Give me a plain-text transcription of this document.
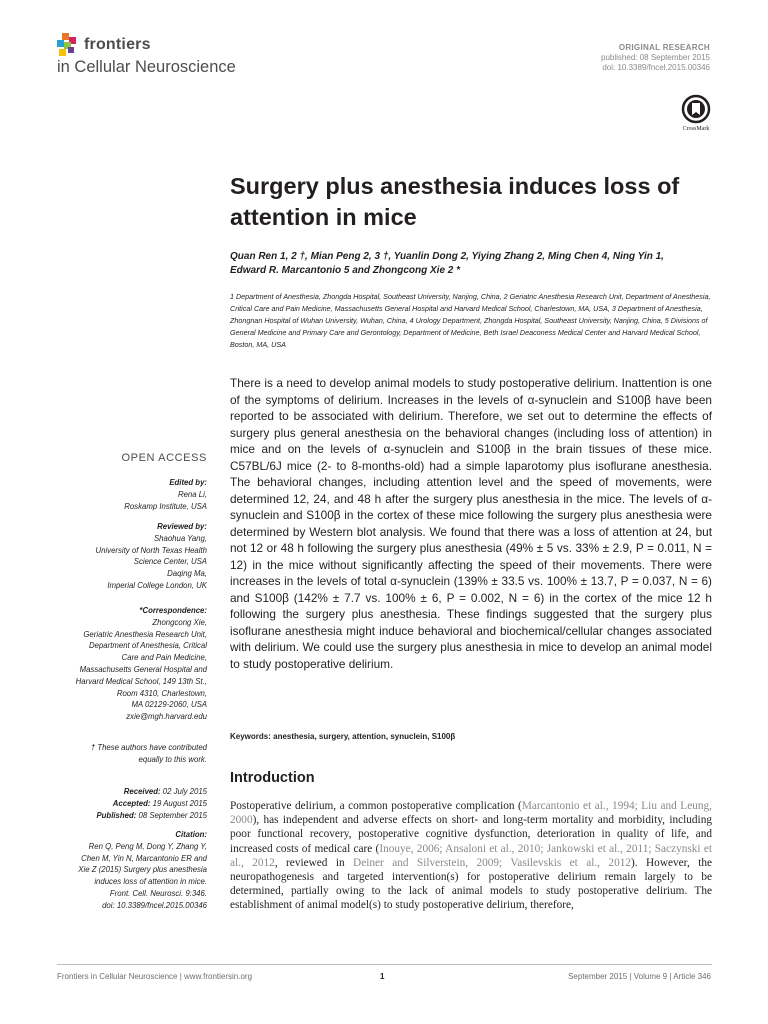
frontiers
in Cellular Neuroscience
ORIGINAL RESEARCH
published: 08 September 2015
doi: 10.3389/fncel.2015.00346
CrossMark
Surgery plus anesthesia induces loss of attention in mice
Quan Ren 1, 2 †, Mian Peng 2, 3 †, Yuanlin Dong 2, Yiying Zhang 2, Ming Chen 4, Ning Yin 1,
Edward R. Marcantonio 5 and Zhongcong Xie 2 *
1 Department of Anesthesia, Zhongda Hospital, Southeast University, Nanjing, China, 2 Geriatric Anesthesia Research Unit, Department of Anesthesia, Critical Care and Pain Medicine, Massachusetts General Hospital and Harvard Medical School, Charlestown, MA, USA, 3 Department of Anesthesia, Zhongnan Hospital of Wuhan University, Wuhan, China, 4 Urology Department, Zhongda Hospital, Southeast University, Nanjing, China, 5 Divisions of General Medicine and Primary Care and Gerontology, Department of Medicine, Beth Israel Deaconess Medical Center and Harvard Medical School, Boston, MA, USA
OPEN ACCESS
Edited by:
Rena Li,
Roskamp Institute, USA
Reviewed by:
Shaohua Yang,
University of North Texas Health
Science Center, USA
Daqing Ma,
Imperial College London, UK
*Correspondence:
Zhongcong Xie,
Geriatric Anesthesia Research Unit,
Department of Anesthesia, Critical
Care and Pain Medicine,
Massachusetts General Hospital and
Harvard Medical School, 149 13th St.,
Room 4310, Charlestown,
MA 02129-2060, USA
zxie@mgh.harvard.edu
† These authors have contributed
equally to this work.
Received: 02 July 2015
Accepted: 19 August 2015
Published: 08 September 2015
Citation:
Ren Q, Peng M, Dong Y, Zhang Y,
Chen M, Yin N, Marcantonio ER and
Xie Z (2015) Surgery plus anesthesia
induces loss of attention in mice.
Front. Cell. Neurosci. 9:346.
doi: 10.3389/fncel.2015.00346
There is a need to develop animal models to study postoperative delirium. Inattention is one of the symptoms of delirium. Increases in the levels of α-synuclein and S100β have been reported to be associated with delirium. Therefore, we set out to determine the effects of surgery plus general anesthesia on the behavioral changes (including loss of attention) in mice and on the levels of α-synuclein and S100β in the brain tissues of these mice. C57BL/6J mice (2- to 8-months-old) had a simple laparotomy plus isoflurane anesthesia. The behavioral changes, including attention level and the speed of movements, were determined 12, 24, and 48 h after the surgery plus anesthesia in the mice. The levels of α-synuclein and S100β in the cortex of these mice following the surgery plus anesthesia were determined by Western blot analysis. We found that there was a loss of attention at 24, but not 12 or 48 h following the surgery plus anesthesia (49% ± 5 vs. 33% ± 2.9, P = 0.011, N = 12) in the mice without significantly affecting the speed of their movements. There were increases in the levels of total α-synuclein (139% ± 33.5 vs. 100% ± 13.7, P = 0.037, N = 6) and S100β (142% ± 7.7 vs. 100% ± 6, P = 0.002, N = 6) in the cortex of the mice 12 h following the surgery plus anesthesia. These findings suggested that the surgery plus isoflurane anesthesia might induce behavioral and biochemical/cellular changes associated with delirium. We could use the surgery plus anesthesia in mice to develop an animal model to study postoperative delirium.
Keywords: anesthesia, surgery, attention, synuclein, S100β
Introduction
Postoperative delirium, a common postoperative complication (Marcantonio et al., 1994; Liu and Leung, 2000), has independent and adverse effects on short- and long-term mortality and morbidity, including poor functional recovery, postoperative cognitive dysfunction, deterioration in quality of life, and increased costs of medical care (Inouye, 2006; Ansaloni et al., 2010; Jankowski et al., 2011; Saczynski et al., 2012, reviewed in Deiner and Silverstein, 2009; Vasilevskis et al., 2012). However, the neuropathogenesis and targeted intervention(s) for postoperative delirium remain largely to be determined, partially owing to the lack of animal models to study postoperative delirium. The establishment of animal model(s) to study postoperative delirium, therefore,
Frontiers in Cellular Neuroscience | www.frontiersin.org	1	September 2015 | Volume 9 | Article 346
